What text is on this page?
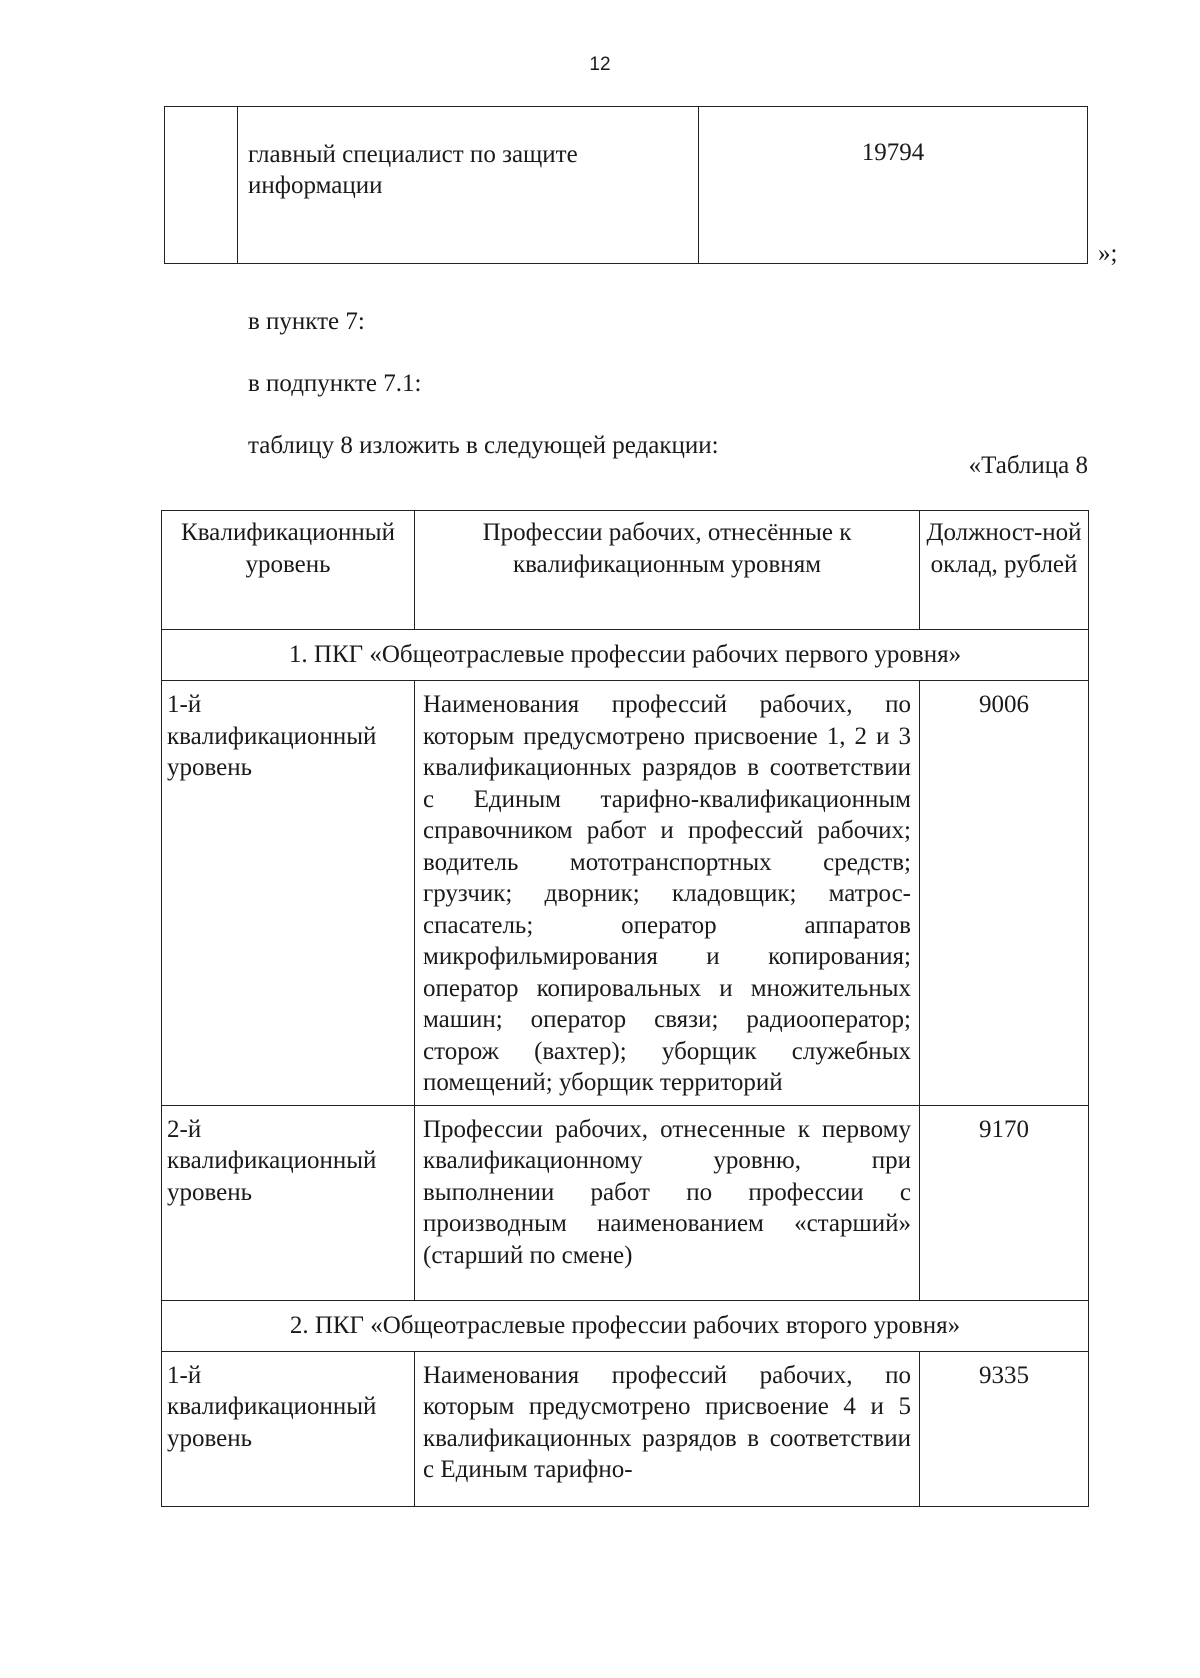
12
	главный специалист по защите информации	19794
»;
в пункте 7:
в подпункте 7.1:
таблицу 8 изложить в следующей редакции:
«Таблица 8
Квалификационный уровень	Профессии рабочих, отнесённые к квалификационным уровням	Должност-ной оклад, рублей
1. ПКГ «Общеотраслевые профессии рабочих первого уровня»		
1-й квалификационный уровень	Наименования профессий рабочих, по которым предусмотрено присвоение 1, 2 и 3 квалификационных разрядов в соответствии с Единым тарифно-квалификационным справочником работ и профессий рабочих; водитель мототранспортных средств; грузчик; дворник; кладовщик; матрос-спасатель; оператор аппаратов микрофильмирования и копирования; оператор копировальных и множительных машин; оператор связи; радиооператор; сторож (вахтер); уборщик служебных помещений; уборщик территорий	9006
2-й квалификационный уровень	Профессии рабочих, отнесенные к первому квалификационному уровню, при выполнении работ по профессии с производным наименованием «старший» (старший по смене)	9170
2. ПКГ «Общеотраслевые профессии рабочих второго уровня»		
1-й квалификационный уровень	Наименования профессий рабочих, по которым предусмотрено присвоение 4 и 5 квалификационных разрядов в соответствии с Единым тарифно-	9335
